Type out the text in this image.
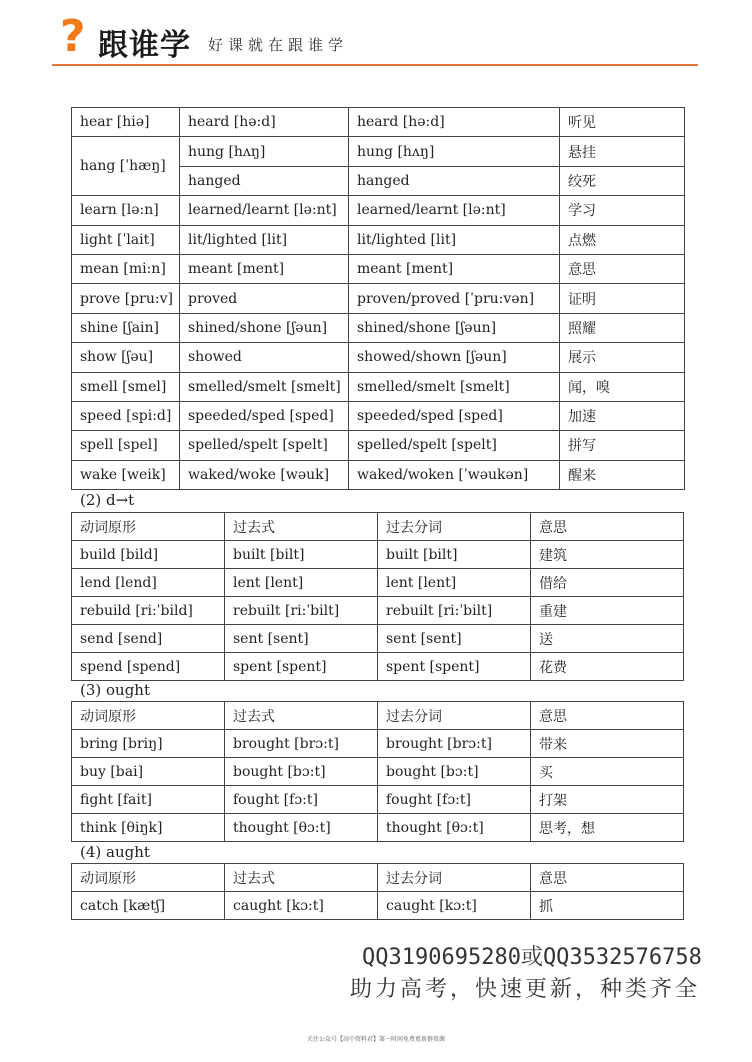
? 跟谁学 好课就在跟谁学
hear [hiə]	heard [hə:d]	heard [hə:d]	听见
hang [ˈhæŋ]	hung [hʌŋ]	hung [hʌŋ]	悬挂
	hanged	hanged	绞死
learn [lə:n]	learned/learnt [lə:nt]	learned/learnt [lə:nt]	学习
light [ˈlait]	lit/lighted [lit]	lit/lighted [lit]	点燃
mean [mi:n]	meant [ment]	meant [ment]	意思
prove [pru:v]	proved	proven/proved [ˈpru:vən]	证明
shine [ʃain]	shined/shone [ʃəun]	shined/shone [ʃəun]	照耀
show [ʃəu]	showed	showed/shown [ʃəun]	展示
smell [smel]	smelled/smelt [smelt]	smelled/smelt [smelt]	闻，嗅
speed [spi:d]	speeded/sped [sped]	speeded/sped [sped]	加速
spell [spel]	spelled/spelt [spelt]	spelled/spelt [spelt]	拼写
wake [weik]	waked/woke [wəuk]	waked/woken [ˈwəukən]	醒来
(2) d→t
动词原形	过去式	过去分词	意思
build [bild]	built [bilt]	built [bilt]	建筑
lend [lend]	lent [lent]	lent [lent]	借给
rebuild [ri:ˈbild]	rebuilt [ri:ˈbilt]	rebuilt [ri:ˈbilt]	重建
send [send]	sent [sent]	sent [sent]	送
spend [spend]	spent [spent]	spent [spent]	花费
(3) ought
动词原形	过去式	过去分词	意思
bring [briŋ]	brought [brɔ:t]	brought [brɔ:t]	带来
buy [bai]	bought [bɔ:t]	bought [bɔ:t]	买
fight [fait]	fought [fɔ:t]	fought [fɔ:t]	打架
think [θiŋk]	thought [θɔ:t]	thought [θɔ:t]	思考，想
(4) aught
动词原形	过去式	过去分词	意思
catch [kætʃ]	caught [kɔ:t]	caught [kɔ:t]	抓
QQ3190695280或QQ3532576758
助力高考，快速更新，种类齐全
关注公众号【高中资料君】第一时间免费更新群资源
